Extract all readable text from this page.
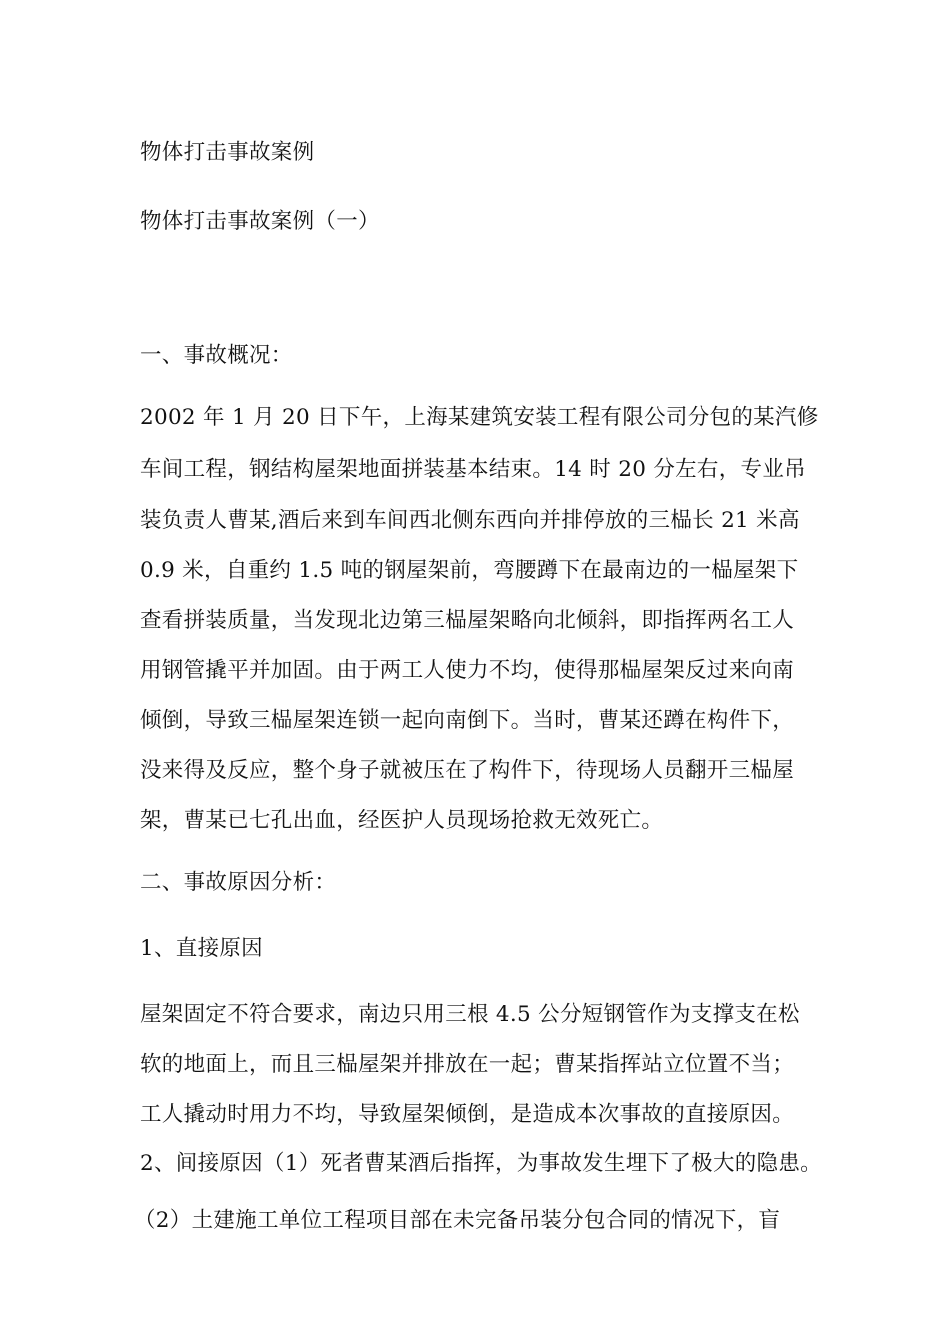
物体打击事故案例
物体打击事故案例（一）
一、事故概况：
2002 年 1 月 20 日下午，上海某建筑安装工程有限公司分包的某汽修
车间工程，钢结构屋架地面拼装基本结束。14 时 20 分左右，专业吊
装负责人曹某,酒后来到车间西北侧东西向并排停放的三榀长 21 米高
0.9 米，自重约 1.5 吨的钢屋架前，弯腰蹲下在最南边的一榀屋架下
查看拼装质量，当发现北边第三榀屋架略向北倾斜，即指挥两名工人
用钢管撬平并加固。由于两工人使力不均，使得那榀屋架反过来向南
倾倒，导致三榀屋架连锁一起向南倒下。当时，曹某还蹲在构件下，
没来得及反应，整个身子就被压在了构件下，待现场人员翻开三榀屋
架，曹某已七孔出血，经医护人员现场抢救无效死亡。
二、事故原因分析：
1、直接原因
屋架固定不符合要求，南边只用三根 4.5 公分短钢管作为支撑支在松
软的地面上，而且三榀屋架并排放在一起；曹某指挥站立位置不当；
工人撬动时用力不均，导致屋架倾倒，是造成本次事故的直接原因。
2、间接原因（1）死者曹某酒后指挥，为事故发生埋下了极大的隐患。
（2）土建施工单位工程项目部在未完备吊装分包合同的情况下，盲
